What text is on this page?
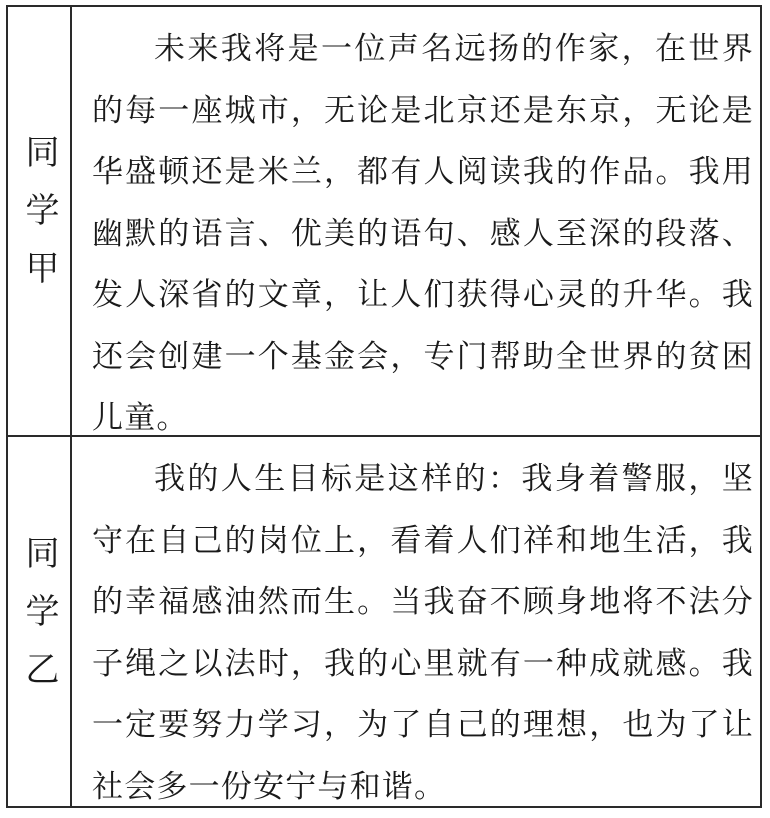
同学甲

未来我将是一位声名远扬的作家，在世界的每一座城市，无论是北京还是东京，无论是华盛顿还是米兰，都有人阅读我的作品。我用幽默的语言、优美的语句、感人至深的段落、发人深省的文章，让人们获得心灵的升华。我还会创建一个基金会，专门帮助全世界的贫困儿童。

同学乙

我的人生目标是这样的：我身着警服，坚守在自己的岗位上，看着人们祥和地生活，我的幸福感油然而生。当我奋不顾身地将不法分子绳之以法时，我的心里就有一种成就感。我一定要努力学习，为了自己的理想，也为了让社会多一份安宁与和谐。
